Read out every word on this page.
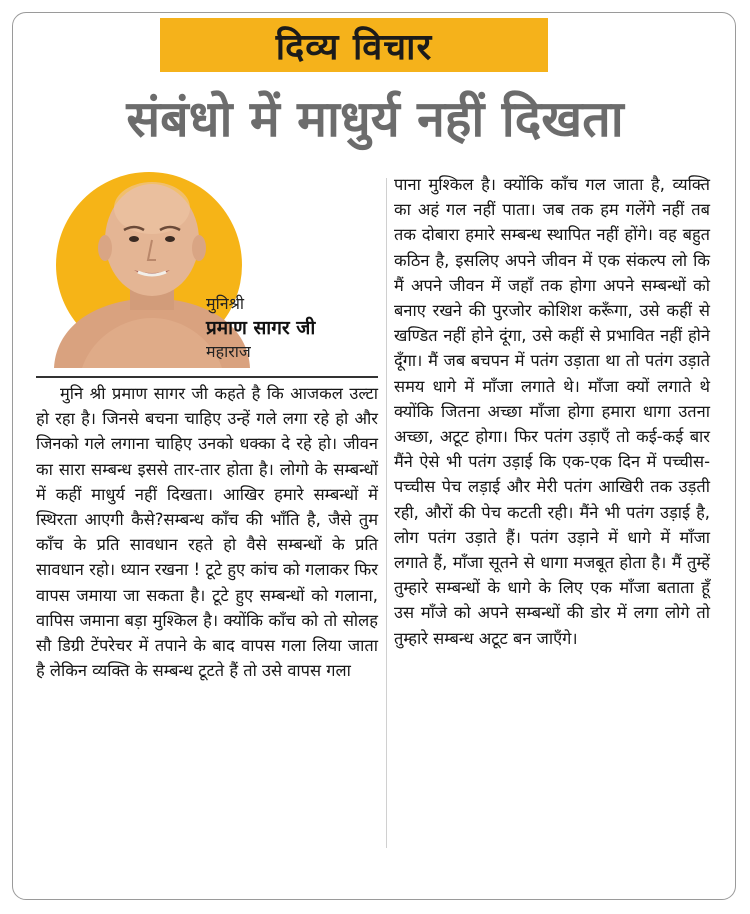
दिव्य विचार
संबंधो में माधुर्य नहीं दिखता
मुनिश्री
प्रमाण सागर जी
महाराज

मुनि श्री प्रमाण सागर जी कहते है कि आजकल उल्टा हो रहा है। जिनसे बचना चाहिए उन्हें गले लगा रहे हो और जिनको गले लगाना चाहिए उनको धक्का दे रहे हो। जीवन का सारा सम्बन्ध इससे तार-तार होता है। लोगो के सम्बन्धों में कहीं माधुर्य नहीं दिखता। आखिर हमारे सम्बन्धों में स्थिरता आएगी कैसे?सम्बन्ध काँच की भाँति है, जैसे तुम काँच के प्रति सावधान रहते हो वैसे सम्बन्धों के प्रति सावधान रहो। ध्यान रखना ! टूटे हुए कांच को गलाकर फिर वापस जमाया जा सकता है। टूटे हुए सम्बन्धों को गलाना, वापिस जमाना बड़ा मुश्किल है। क्योंकि काँच को तो सोलह सौ डिग्री टेंपरेचर में तपाने के बाद वापस गला लिया जाता है लेकिन व्यक्ति के सम्बन्ध टूटते हैं तो उसे वापस गला

पाना मुश्किल है। क्योंकि काँच गल जाता है, व्यक्ति का अहं गल नहीं पाता। जब तक हम गलेंगे नहीं तब तक दोबारा हमारे सम्बन्ध स्थापित नहीं होंगे। वह बहुत कठिन है, इसलिए अपने जीवन में एक संकल्प लो कि मैं अपने जीवन में जहाँ तक होगा अपने सम्बन्धों को बनाए रखने की पुरजोर कोशिश करूँगा, उसे कहीं से खण्डित नहीं होने दूंगा, उसे कहीं से प्रभावित नहीं होने दूँगा। मैं जब बचपन में पतंग उड़ाता था तो पतंग उड़ाते समय धागे में माँजा लगाते थे। माँजा क्यों लगाते थे क्योंकि जितना अच्छा माँजा होगा हमारा धागा उतना अच्छा, अटूट होगा। फिर पतंग उड़ाएँ तो कई-कई बार मैंने ऐसे भी पतंग उड़ाई कि एक-एक दिन में पच्चीस-पच्चीस पेच लड़ाई और मेरी पतंग आखिरी तक उड़ती रही, औरों की पेच कटती रही। मैंने भी पतंग उड़ाई है, लोग पतंग उड़ाते हैं। पतंग उड़ाने में धागे में माँजा लगाते हैं, माँजा सूतने से धागा मजबूत होता है। मैं तुम्हें तुम्हारे सम्बन्धों के धागे के लिए एक माँजा बताता हूँ उस माँजे को अपने सम्बन्धों की डोर में लगा लोगे तो तुम्हारे सम्बन्ध अटूट बन जाएँगे।
